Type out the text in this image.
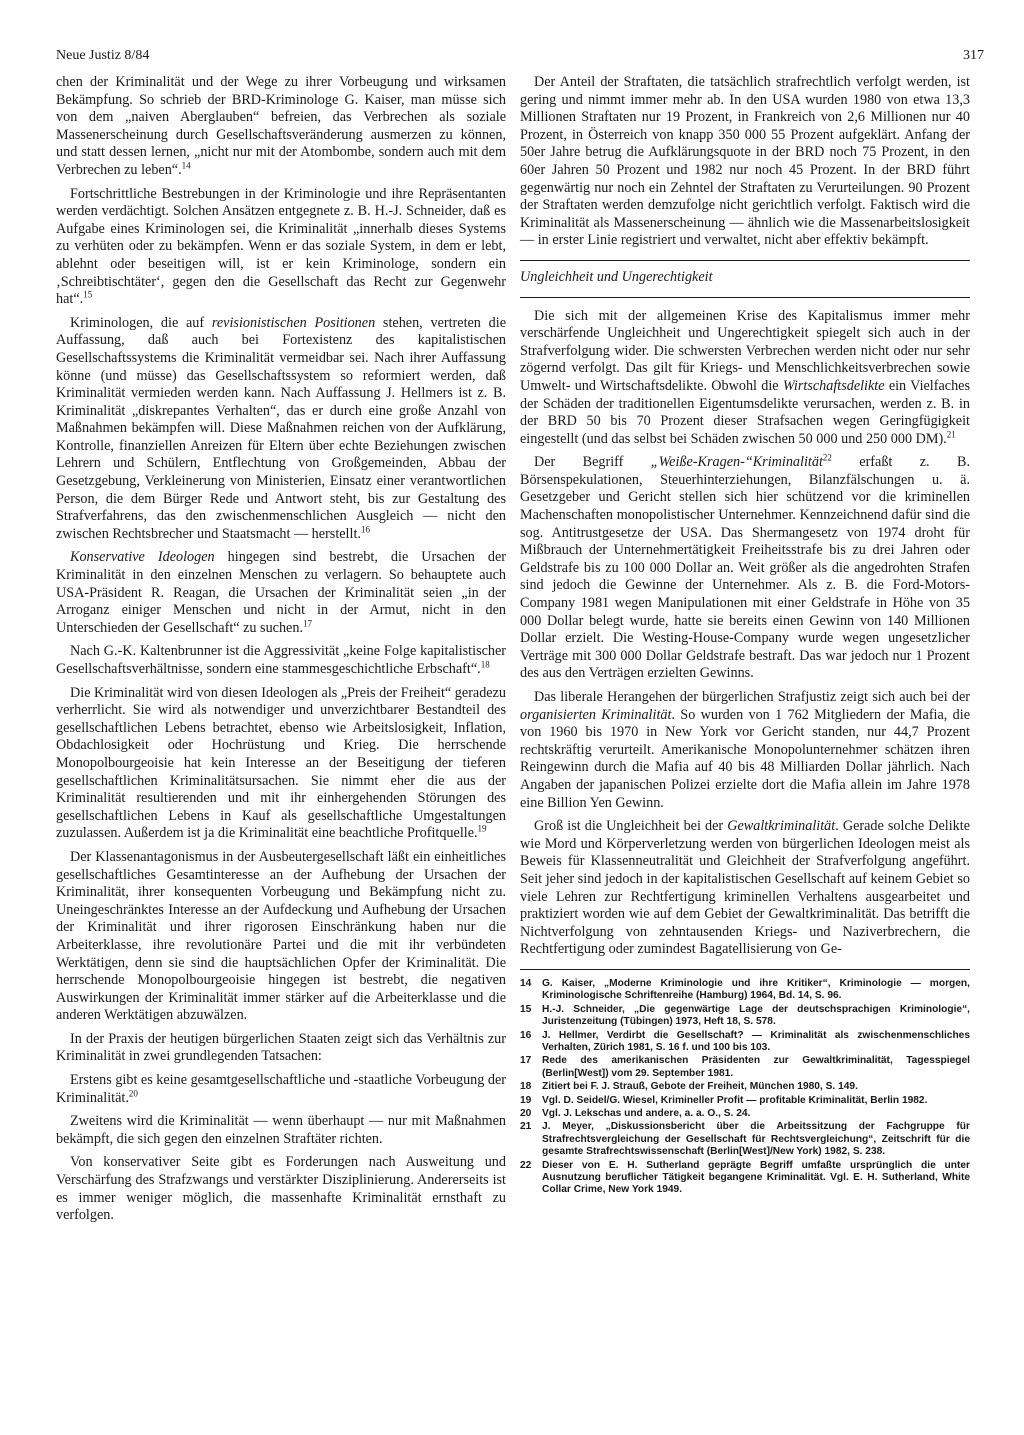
Neue Justiz 8/84	317

chen der Kriminalität und der Wege zu ihrer Vorbeugung und wirksamen Bekämpfung. So schrieb der BRD-Kriminologe G. Kaiser, man müsse sich von dem „naiven Aberglauben“ befreien, das Verbrechen als soziale Massenerscheinung durch Gesellschaftsveränderung ausmerzen zu können, und statt dessen lernen, „nicht nur mit der Atombombe, sondern auch mit dem Verbrechen zu leben“.$^{14}$

Fortschrittliche Bestrebungen in der Kriminologie und ihre Repräsentanten werden verdächtigt. Solchen Ansätzen entgegnete z. B. H.-J. Schneider, daß es Aufgabe eines Kriminologen sei, die Kriminalität „innerhalb dieses Systems zu verhüten oder zu bekämpfen. Wenn er das soziale System, in dem er lebt, ablehnt oder beseitigen will, ist er kein Kriminologe, sondern ein ‚Schreibtischtäter‘, gegen den die Gesellschaft das Recht zur Gegenwehr hat“.$^{15}$

Kriminologen, die auf revisionistischen Positionen stehen, vertreten die Auffassung, daß auch bei Fortexistenz des kapitalistischen Gesellschaftssystems die Kriminalität vermeidbar sei. Nach ihrer Auffassung könne (und müsse) das Gesellschaftssystem so reformiert werden, daß Kriminalität vermieden werden kann. Nach Auffassung J. Hellmers ist z. B. Kriminalität „diskrepantes Verhalten“, das er durch eine große Anzahl von Maßnahmen bekämpfen will. Diese Maßnahmen reichen von der Aufklärung, Kontrolle, finanziellen Anreizen für Eltern über echte Beziehungen zwischen Lehrern und Schülern, Entflechtung von Großgemeinden, Abbau der Gesetzgebung, Verkleinerung von Ministerien, Einsatz einer verantwortlichen Person, die dem Bürger Rede und Antwort steht, bis zur Gestaltung des Strafverfahrens, das den zwischenmenschlichen Ausgleich — nicht den zwischen Rechtsbrecher und Staatsmacht — herstellt.$^{16}$

Konservative Ideologen hingegen sind bestrebt, die Ursachen der Kriminalität in den einzelnen Menschen zu verlagern. So behauptete auch USA-Präsident R. Reagan, die Ursachen der Kriminalität seien „in der Arroganz einiger Menschen und nicht in der Armut, nicht in den Unterschieden der Gesellschaft“ zu suchen.$^{17}$

Nach G.-K. Kaltenbrunner ist die Aggressivität „keine Folge kapitalistischer Gesellschaftsverhältnisse, sondern eine stammesgeschichtliche Erbschaft“.$^{18}$

Die Kriminalität wird von diesen Ideologen als „Preis der Freiheit“ geradezu verherrlicht. Sie wird als notwendiger und unverzichtbarer Bestandteil des gesellschaftlichen Lebens betrachtet, ebenso wie Arbeitslosigkeit, Inflation, Obdachlosigkeit oder Hochrüstung und Krieg. Die herrschende Monopolbourgeoisie hat kein Interesse an der Beseitigung der tieferen gesellschaftlichen Kriminalitätsursachen. Sie nimmt eher die aus der Kriminalität resultierenden und mit ihr einhergehenden Störungen des gesellschaftlichen Lebens in Kauf als gesellschaftliche Umgestaltungen zuzulassen. Außerdem ist ja die Kriminalität eine beachtliche Profitquelle.$^{19}$

Der Klassenantagonismus in der Ausbeutergesellschaft läßt ein einheitliches gesellschaftliches Gesamtinteresse an der Aufhebung der Ursachen der Kriminalität, ihrer konsequenten Vorbeugung und Bekämpfung nicht zu. Uneingeschränktes Interesse an der Aufdeckung und Aufhebung der Ursachen der Kriminalität und ihrer rigorosen Einschränkung haben nur die Arbeiterklasse, ihre revolutionäre Partei und die mit ihr verbündeten Werktätigen, denn sie sind die hauptsächlichen Opfer der Kriminalität. Die herrschende Monopolbourgeoisie hingegen ist bestrebt, die negativen Auswirkungen der Kriminalität immer stärker auf die Arbeiterklasse und die anderen Werktätigen abzuwälzen.

In der Praxis der heutigen bürgerlichen Staaten zeigt sich das Verhältnis zur Kriminalität in zwei grundlegenden Tatsachen:

Erstens gibt es keine gesamtgesellschaftliche und -staatliche Vorbeugung der Kriminalität.$^{20}$

Zweitens wird die Kriminalität — wenn überhaupt — nur mit Maßnahmen bekämpft, die sich gegen den einzelnen Straftäter richten.

Von konservativer Seite gibt es Forderungen nach Ausweitung und Verschärfung des Strafzwangs und verstärkter Disziplinierung. Andererseits ist es immer weniger möglich, die massenhafte Kriminalität ernsthaft zu verfolgen.

Der Anteil der Straftaten, die tatsächlich strafrechtlich verfolgt werden, ist gering und nimmt immer mehr ab. In den USA wurden 1980 von etwa 13,3 Millionen Straftaten nur 19 Prozent, in Frankreich von 2,6 Millionen nur 40 Prozent, in Österreich von knapp 350 000 55 Prozent aufgeklärt. Anfang der 50er Jahre betrug die Aufklärungsquote in der BRD noch 75 Prozent, in den 60er Jahren 50 Prozent und 1982 nur noch 45 Prozent. In der BRD führt gegenwärtig nur noch ein Zehntel der Straftaten zu Verurteilungen. 90 Prozent der Straftaten werden demzufolge nicht gerichtlich verfolgt. Faktisch wird die Kriminalität als Massenerscheinung — ähnlich wie die Massenarbeitslosigkeit — in erster Linie registriert und verwaltet, nicht aber effektiv bekämpft.

Ungleichheit und Ungerechtigkeit

Die sich mit der allgemeinen Krise des Kapitalismus immer mehr verschärfende Ungleichheit und Ungerechtigkeit spiegelt sich auch in der Strafverfolgung wider. Die schwersten Verbrechen werden nicht oder nur sehr zögernd verfolgt. Das gilt für Kriegs- und Menschlichkeitsverbrechen sowie Umwelt- und Wirtschaftsdelikte. Obwohl die Wirtschaftsdelikte ein Vielfaches der Schäden der traditionellen Eigentumsdelikte verursachen, werden z. B. in der BRD 50 bis 70 Prozent dieser Strafsachen wegen Geringfügigkeit eingestellt (und das selbst bei Schäden zwischen 50 000 und 250 000 DM).$^{21}$

Der Begriff „Weiße-Kragen-“Kriminalität$^{22}$ erfaßt z. B. Börsenspekulationen, Steuerhinterziehungen, Bilanzfälschungen u. ä. Gesetzgeber und Gericht stellen sich hier schützend vor die kriminellen Machenschaften monopolistischer Unternehmer. Kennzeichnend dafür sind die sog. Antitrustgesetze der USA. Das Shermangesetz von 1974 droht für Mißbrauch der Unternehmertätigkeit Freiheitsstrafe bis zu drei Jahren oder Geldstrafe bis zu 100 000 Dollar an. Weit größer als die angedrohten Strafen sind jedoch die Gewinne der Unternehmer. Als z. B. die Ford-Motors-Company 1981 wegen Manipulationen mit einer Geldstrafe in Höhe von 35 000 Dollar belegt wurde, hatte sie bereits einen Gewinn von 140 Millionen Dollar erzielt. Die Westing-House-Company wurde wegen ungesetzlicher Verträge mit 300 000 Dollar Geldstrafe bestraft. Das war jedoch nur 1 Prozent des aus den Verträgen erzielten Gewinns.

Das liberale Herangehen der bürgerlichen Strafjustiz zeigt sich auch bei der organisierten Kriminalität. So wurden von 1 762 Mitgliedern der Mafia, die von 1960 bis 1970 in New York vor Gericht standen, nur 44,7 Prozent rechtskräftig verurteilt. Amerikanische Monopolunternehmer schätzen ihren Reingewinn durch die Mafia auf 40 bis 48 Milliarden Dollar jährlich. Nach Angaben der japanischen Polizei erzielte dort die Mafia allein im Jahre 1978 eine Billion Yen Gewinn.

Groß ist die Ungleichheit bei der Gewaltkriminalität. Gerade solche Delikte wie Mord und Körperverletzung werden von bürgerlichen Ideologen meist als Beweis für Klassenneutralität und Gleichheit der Strafverfolgung angeführt. Seit jeher sind jedoch in der kapitalistischen Gesellschaft auf keinem Gebiet so viele Lehren zur Rechtfertigung kriminellen Verhaltens ausgearbeitet und praktiziert worden wie auf dem Gebiet der Gewaltkriminalität. Das betrifft die Nichtverfolgung von zehntausenden Kriegs- und Naziverbrechern, die Rechtfertigung oder zumindest Bagatellisierung von Ge-

14	G. Kaiser, „Moderne Kriminologie und ihre Kritiker“, Kriminologie — morgen, Kriminologische Schriftenreihe (Hamburg) 1964, Bd. 14, S. 96.
15	H.-J. Schneider, „Die gegenwärtige Lage der deutschsprachigen Kriminologie“, Juristenzeitung (Tübingen) 1973, Heft 18, S. 578.
16	J. Hellmer, Verdirbt die Gesellschaft? — Kriminalität als zwischenmenschliches Verhalten, Zürich 1981, S. 16 f. und 100 bis 103.
17	Rede des amerikanischen Präsidenten zur Gewaltkriminalität, Tagesspiegel (Berlin[West]) vom 29. September 1981.
18	Zitiert bei F. J. Strauß, Gebote der Freiheit, München 1980, S. 149.
19	Vgl. D. Seidel/G. Wiesel, Krimineller Profit — profitable Kriminalität, Berlin 1982.
20	Vgl. J. Lekschas und andere, a. a. O., S. 24.
21	J. Meyer, „Diskussionsbericht über die Arbeitssitzung der Fachgruppe für Strafrechtsvergleichung der Gesellschaft für Rechtsvergleichung“, Zeitschrift für die gesamte Strafrechtswissenschaft (Berlin[West]/New York) 1982, S. 238.
22	Dieser von E. H. Sutherland geprägte Begriff umfaßte ursprünglich die unter Ausnutzung beruflicher Tätigkeit begangene Kriminalität. Vgl. E. H. Sutherland, White Collar Crime, New York 1949.
